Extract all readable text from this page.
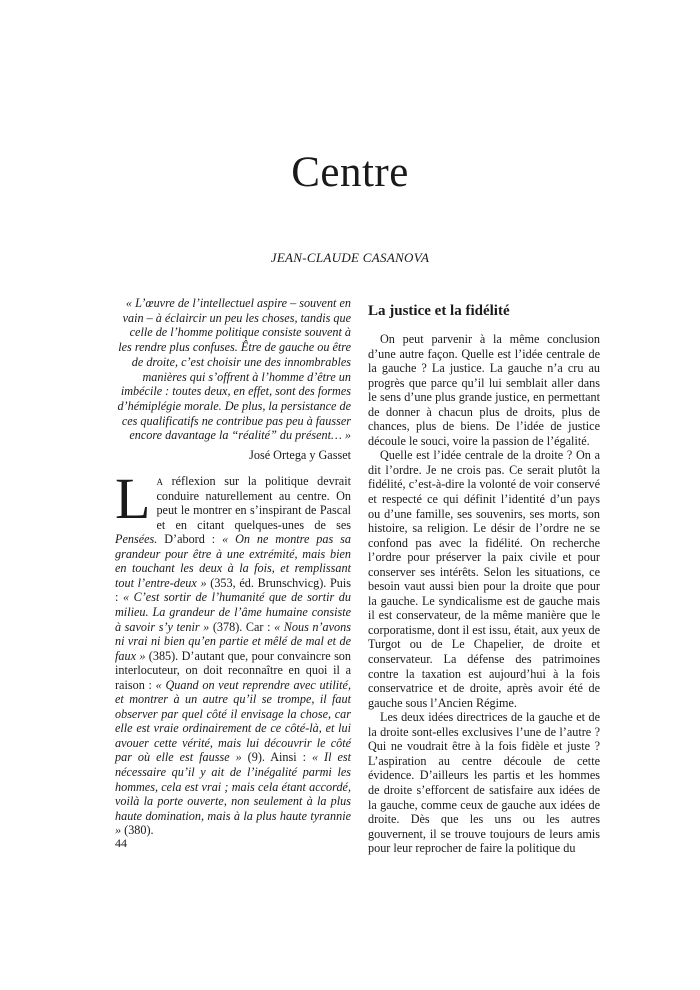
Centre

JEAN-CLAUDE CASANOVA

« L’œuvre de l’intellectuel aspire – souvent en vain – à éclaircir un peu les choses, tandis que celle de l’homme politique consiste souvent à les rendre plus confuses. Être de gauche ou être de droite, c’est choisir une des innombrables manières qui s’offrent à l’homme d’être un imbécile : toutes deux, en effet, sont des formes d’hémiplégie morale. De plus, la persistance de ces qualificatifs ne contribue pas peu à fausser encore davantage la “réalité” du présent… »

José Ortega y Gasset

La réflexion sur la politique devrait conduire naturellement au centre. On peut le montrer en s’inspirant de Pascal et en citant quelques-unes de ses Pensées. D’abord : « On ne montre pas sa grandeur pour être à une extrémité, mais bien en touchant les deux à la fois, et remplissant tout l’entre-deux » (353, éd. Brunschvicg). Puis : « C’est sortir de l’humanité que de sortir du milieu. La grandeur de l’âme humaine consiste à savoir s’y tenir » (378). Car : « Nous n’avons ni vrai ni bien qu’en partie et mêlé de mal et de faux » (385). D’autant que, pour convaincre son interlocuteur, on doit reconnaître en quoi il a raison : « Quand on veut reprendre avec utilité, et montrer à un autre qu’il se trompe, il faut observer par quel côté il envisage la chose, car elle est vraie ordinairement de ce côté-là, et lui avouer cette vérité, mais lui découvrir le côté par où elle est fausse » (9). Ainsi : « Il est nécessaire qu’il y ait de l’inégalité parmi les hommes, cela est vrai ; mais cela étant accordé, voilà la porte ouverte, non seulement à la plus haute domination, mais à la plus haute tyrannie » (380).

La justice et la fidélité

On peut parvenir à la même conclusion d’une autre façon. Quelle est l’idée centrale de la gauche ? La justice. La gauche n’a cru au progrès que parce qu’il lui semblait aller dans le sens d’une plus grande justice, en permettant de donner à chacun plus de droits, plus de chances, plus de biens. De l’idée de justice découle le souci, voire la passion de l’égalité.

Quelle est l’idée centrale de la droite ? On a dit l’ordre. Je ne crois pas. Ce serait plutôt la fidélité, c’est-à-dire la volonté de voir conservé et respecté ce qui définit l’identité d’un pays ou d’une famille, ses souvenirs, ses morts, son histoire, sa religion. Le désir de l’ordre ne se confond pas avec la fidélité. On recherche l’ordre pour préserver la paix civile et pour conserver ses intérêts. Selon les situations, ce besoin vaut aussi bien pour la droite que pour la gauche. Le syndicalisme est de gauche mais il est conservateur, de la même manière que le corporatisme, dont il est issu, était, aux yeux de Turgot ou de Le Chapelier, de droite et conservateur. La défense des patrimoines contre la taxation est aujourd’hui à la fois conservatrice et de droite, après avoir été de gauche sous l’Ancien Régime.

Les deux idées directrices de la gauche et de la droite sont-elles exclusives l’une de l’autre ? Qui ne voudrait être à la fois fidèle et juste ? L’aspiration au centre découle de cette évidence. D’ailleurs les partis et les hommes de droite s’efforcent de satisfaire aux idées de la gauche, comme ceux de gauche aux idées de droite. Dès que les uns ou les autres gouvernent, il se trouve toujours de leurs amis pour leur reprocher de faire la politique du

44
